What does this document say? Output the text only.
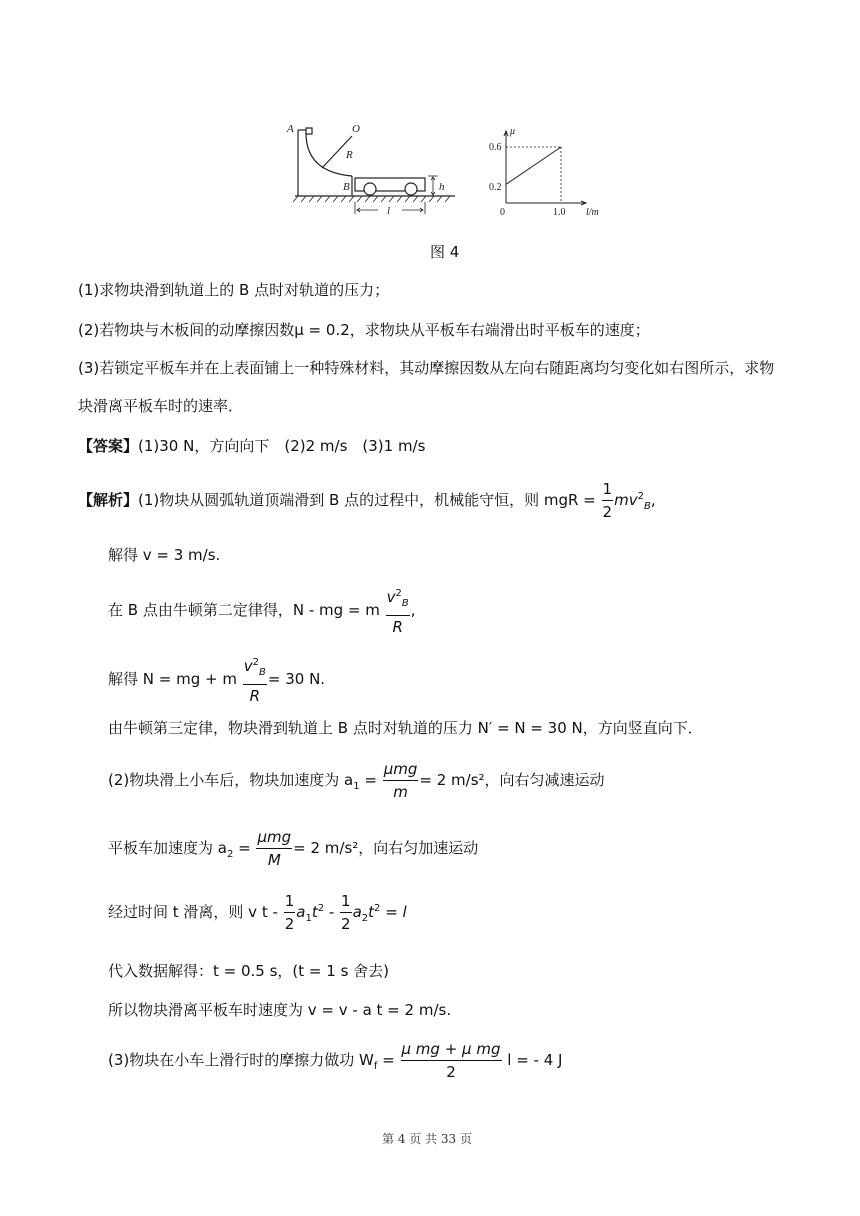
A	O
R
B	h
l
μ
0.6
0.2
0	1.0 l/m
图 4
(1)求物块滑到轨道上的 B 点时对轨道的压力；
(2)若物块与木板间的动摩擦因数μ = 0.2，求物块从平板车右端滑出时平板车的速度；
(3)若锁定平板车并在上表面铺上一种特殊材料，其动摩擦因数从左向右随距离均匀变化如右图所示，求物
块滑离平板车时的速率．
【答案】(1)30 N，方向向下　(2)2 m/s　(3)1 m/s
【解析】(1)物块从圆弧轨道顶端滑到 B 点的过程中，机械能守恒，则 mgR = $\frac{1}{2} mv^2_B$,
解得 v = 3 m/s.
在 B 点由牛顿第二定律得，N - mg = m $\frac{v^2_B}{R}$ ,
解得 N = mg + m $\frac{v^2_B}{R} = 30$ N.
由牛顿第三定律，物块滑到轨道上 B 点时对轨道的压力 N′ = N = 30 N，方向竖直向下．
(2)物块滑上小车后，物块加速度为 $a_1 = \frac{\text{μmg}}{m} = 2$ m/s²，向右匀减速运动
平板车加速度为 $a_2 = \frac{\text{μmg}}{M} = 2$ m/s²，向右匀加速运动
经过时间 t 滑离，则 v $t - \frac{1}{2} a_1t^2 - \frac{1}{2} a_2t^2 = l$
代入数据解得：t = 0.5 s，(t = 1 s 舍去)
所以物块滑离平板车时速度为 v = v - a t = 2 m/s.
(3)物块在小车上滑行时的摩擦力做功 $W_f = \frac{\text{μ mg + μ mg}}{2}$ l = - 4 J
第 4 页 共 33 页
